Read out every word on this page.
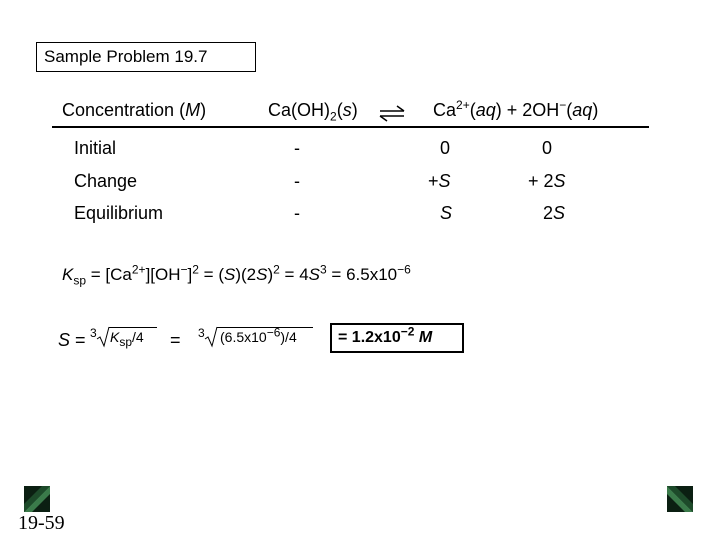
Sample Problem 19.7
Concentration (M)	$Ca(OH)_2(s)$ ⇌ $Ca^{2+}(aq) + 2OH^-(aq)$
Initial	-	0	0
Change	-	+S	+ 2S
Equilibrium	-	S	2S
$K_{sp} = [Ca^{2+}][OH^-]^2 = (S)(2S)^2 = 4S^3 = 6.5x10^{-6}$
S = 3 $K_{sp}/4 = 3$ $(6.5x10^{-6})/4$	= $1.2x10^{-2}$ M
19-59
